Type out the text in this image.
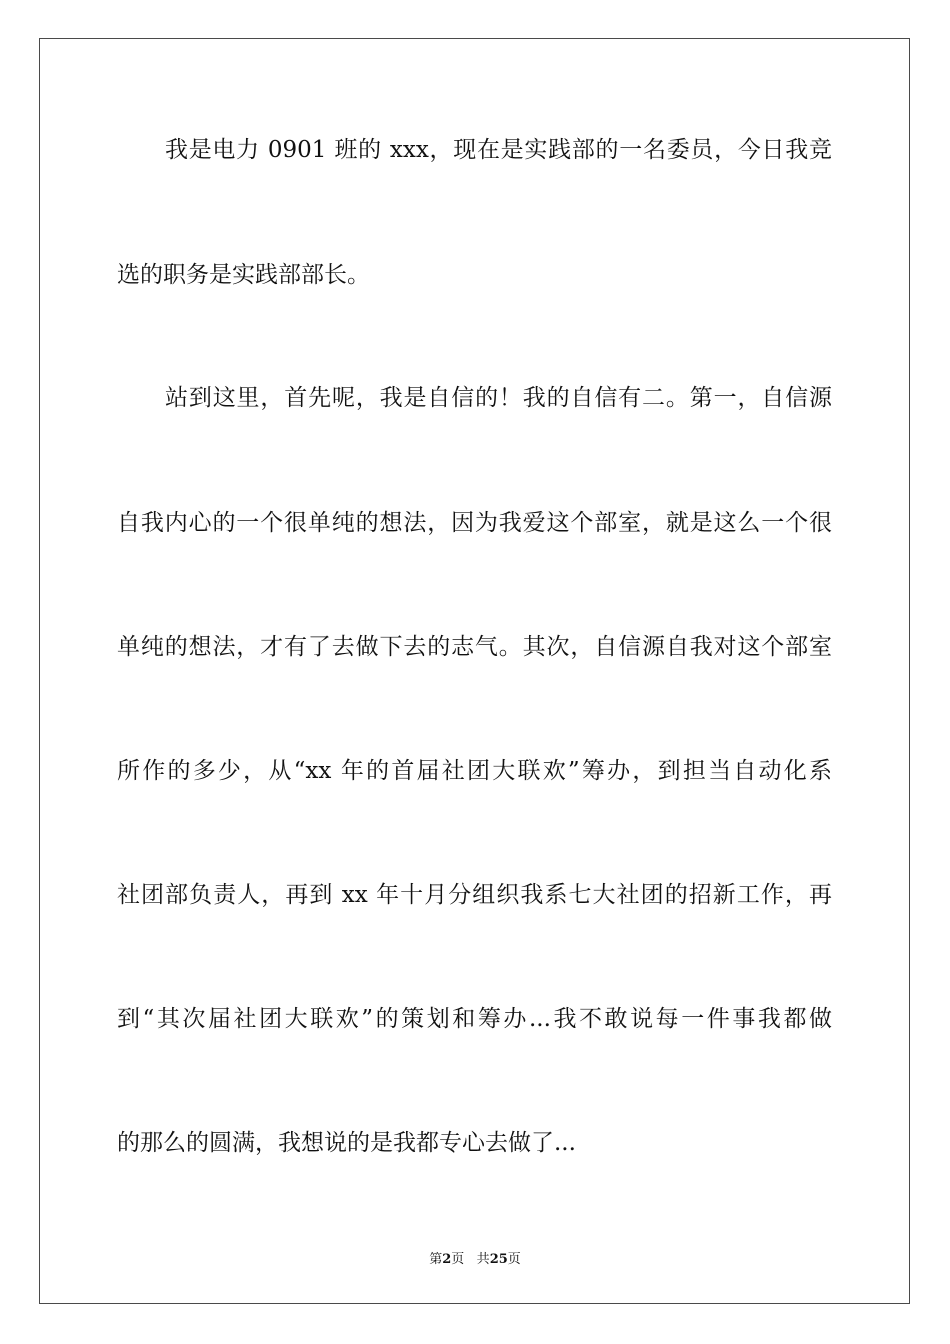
我是电力 0901 班的 xxx，现在是实践部的一名委员，今日我竞
选的职务是实践部部长。
站到这里，首先呢，我是自信的！我的自信有二。第一，自信源
自我内心的一个很单纯的想法，因为我爱这个部室，就是这么一个很
单纯的想法，才有了去做下去的志气。其次，自信源自我对这个部室
所作的多少，从“xx 年的首届社团大联欢”筹办，到担当自动化系
社团部负责人，再到 xx 年十月分组织我系七大社团的招新工作，再
到“其次届社团大联欢”的策划和筹办...我不敢说每一件事我都做
的那么的圆满，我想说的是我都专心去做了...
第2页 共25页
